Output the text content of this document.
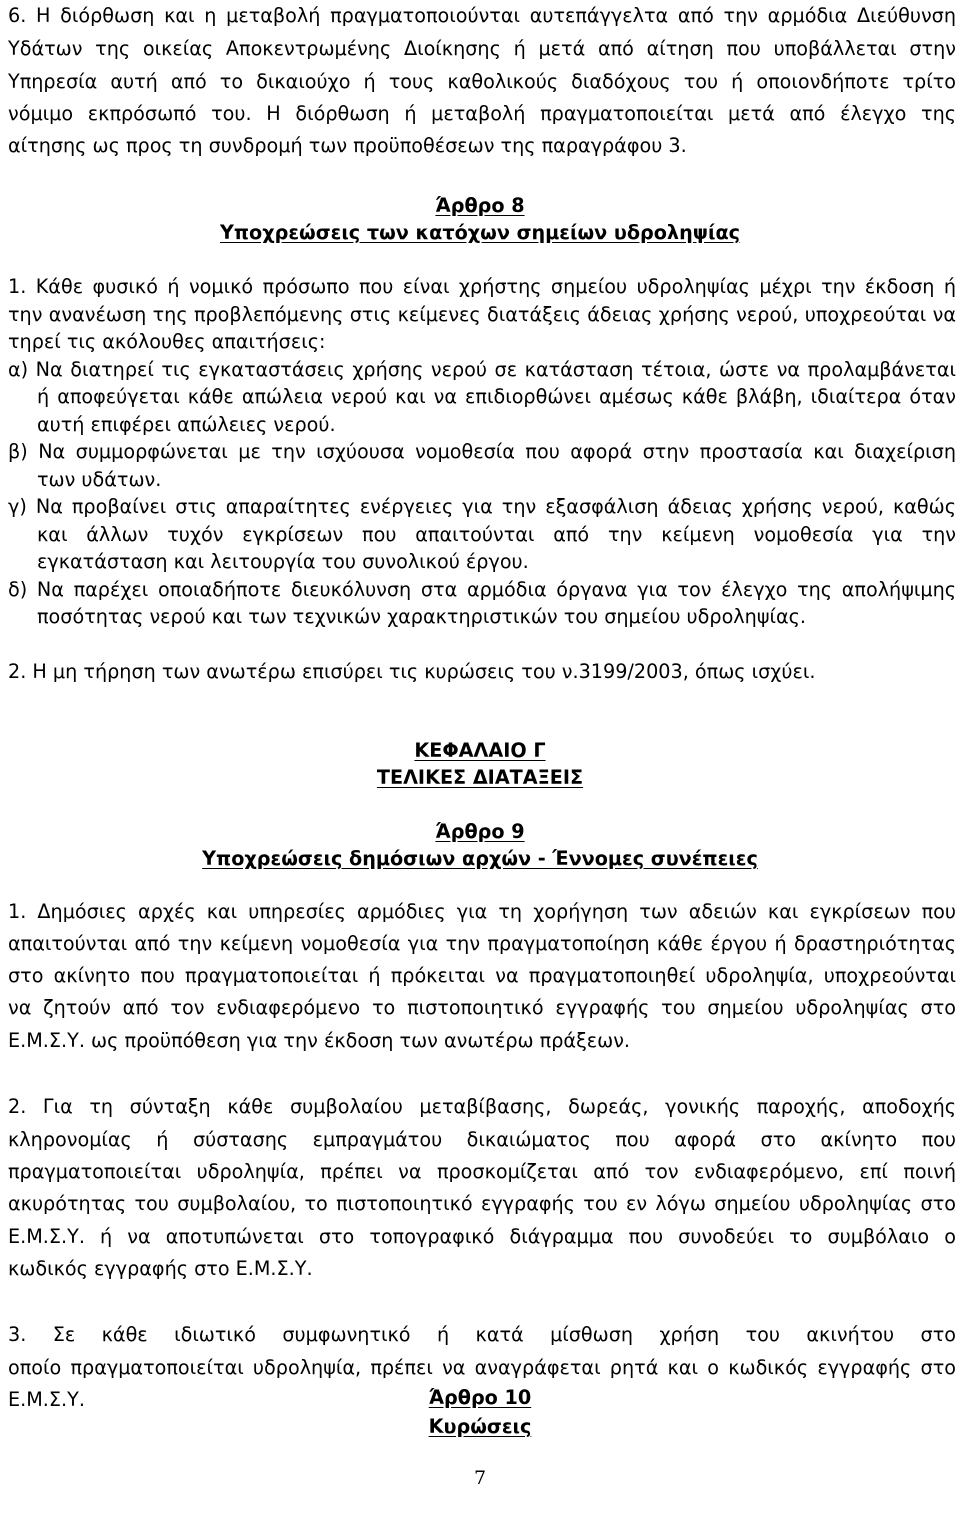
6. Η διόρθωση και η μεταβολή πραγματοποιούνται αυτεπάγγελτα από την αρμόδια Διεύθυνση
Υδάτων της οικείας Αποκεντρωμένης Διοίκησης ή μετά από αίτηση που υποβάλλεται στην
Υπηρεσία αυτή από το δικαιούχο ή τους καθολικούς διαδόχους του ή οποιονδήποτε τρίτο
νόμιμο εκπρόσωπό του. Η διόρθωση ή μεταβολή πραγματοποιείται μετά από έλεγχο της
αίτησης ως προς τη συνδρομή των προϋποθέσεων της παραγράφου 3.
Άρθρο 8
Υποχρεώσεις των κατόχων σημείων υδροληψίας
1. Κάθε φυσικό ή νομικό πρόσωπο που είναι χρήστης σημείου υδροληψίας μέχρι την έκδοση ή
την ανανέωση της προβλεπόμενης στις κείμενες διατάξεις άδειας χρήσης νερού, υποχρεούται να
τηρεί τις ακόλουθες απαιτήσεις:
α) Να διατηρεί τις εγκαταστάσεις χρήσης νερού σε κατάσταση τέτοια, ώστε να προλαμβάνεται
ή αποφεύγεται κάθε απώλεια νερού και να επιδιορθώνει αμέσως κάθε βλάβη, ιδιαίτερα όταν
αυτή επιφέρει απώλειες νερού.
β) Να συμμορφώνεται με την ισχύουσα νομοθεσία που αφορά στην προστασία και διαχείριση
των υδάτων.
γ) Να προβαίνει στις απαραίτητες ενέργειες για την εξασφάλιση άδειας χρήσης νερού, καθώς
και άλλων τυχόν εγκρίσεων που απαιτούνται από την κείμενη νομοθεσία για την
εγκατάσταση και λειτουργία του συνολικού έργου.
δ) Να παρέχει οποιαδήποτε διευκόλυνση στα αρμόδια όργανα για τον έλεγχο της απολήψιμης
ποσότητας νερού και των τεχνικών χαρακτηριστικών του σημείου υδροληψίας.
2. Η μη τήρηση των ανωτέρω επισύρει τις κυρώσεις του ν.3199/2003, όπως ισχύει.
ΚΕΦΑΛΑΙΟ Γ
ΤΕΛΙΚΕΣ ΔΙΑΤΑΞΕΙΣ
Άρθρο 9
Υποχρεώσεις δημόσιων αρχών - Έννομες συνέπειες
1. Δημόσιες αρχές και υπηρεσίες αρμόδιες για τη χορήγηση των αδειών και εγκρίσεων που
απαιτούνται από την κείμενη νομοθεσία για την πραγματοποίηση κάθε έργου ή δραστηριότητας
στο ακίνητο που πραγματοποιείται ή πρόκειται να πραγματοποιηθεί υδροληψία, υποχρεούνται
να ζητούν από τον ενδιαφερόμενο το πιστοποιητικό εγγραφής του σημείου υδροληψίας στο
Ε.Μ.Σ.Υ. ως προϋπόθεση για την έκδοση των ανωτέρω πράξεων.
2. Για τη σύνταξη κάθε συμβολαίου μεταβίβασης, δωρεάς, γονικής παροχής, αποδοχής
κληρονομίας ή σύστασης εμπραγμάτου δικαιώματος που αφορά στο ακίνητο που
πραγματοποιείται υδροληψία, πρέπει να προσκομίζεται από τον ενδιαφερόμενο, επί ποινή
ακυρότητας του συμβολαίου, το πιστοποιητικό εγγραφής του εν λόγω σημείου υδροληψίας στο
Ε.Μ.Σ.Υ. ή να αποτυπώνεται στο τοπογραφικό διάγραμμα που συνοδεύει το συμβόλαιο ο
κωδικός εγγραφής στο Ε.Μ.Σ.Υ.
3. Σε κάθε ιδιωτικό συμφωνητικό ή κατά μίσθωση χρήση του ακινήτου στο
οποίο πραγματοποιείται υδροληψία, πρέπει να αναγράφεται ρητά και ο κωδικός εγγραφής στο
Ε.Μ.Σ.Υ.	Άρθρο 10
Κυρώσεις
7
